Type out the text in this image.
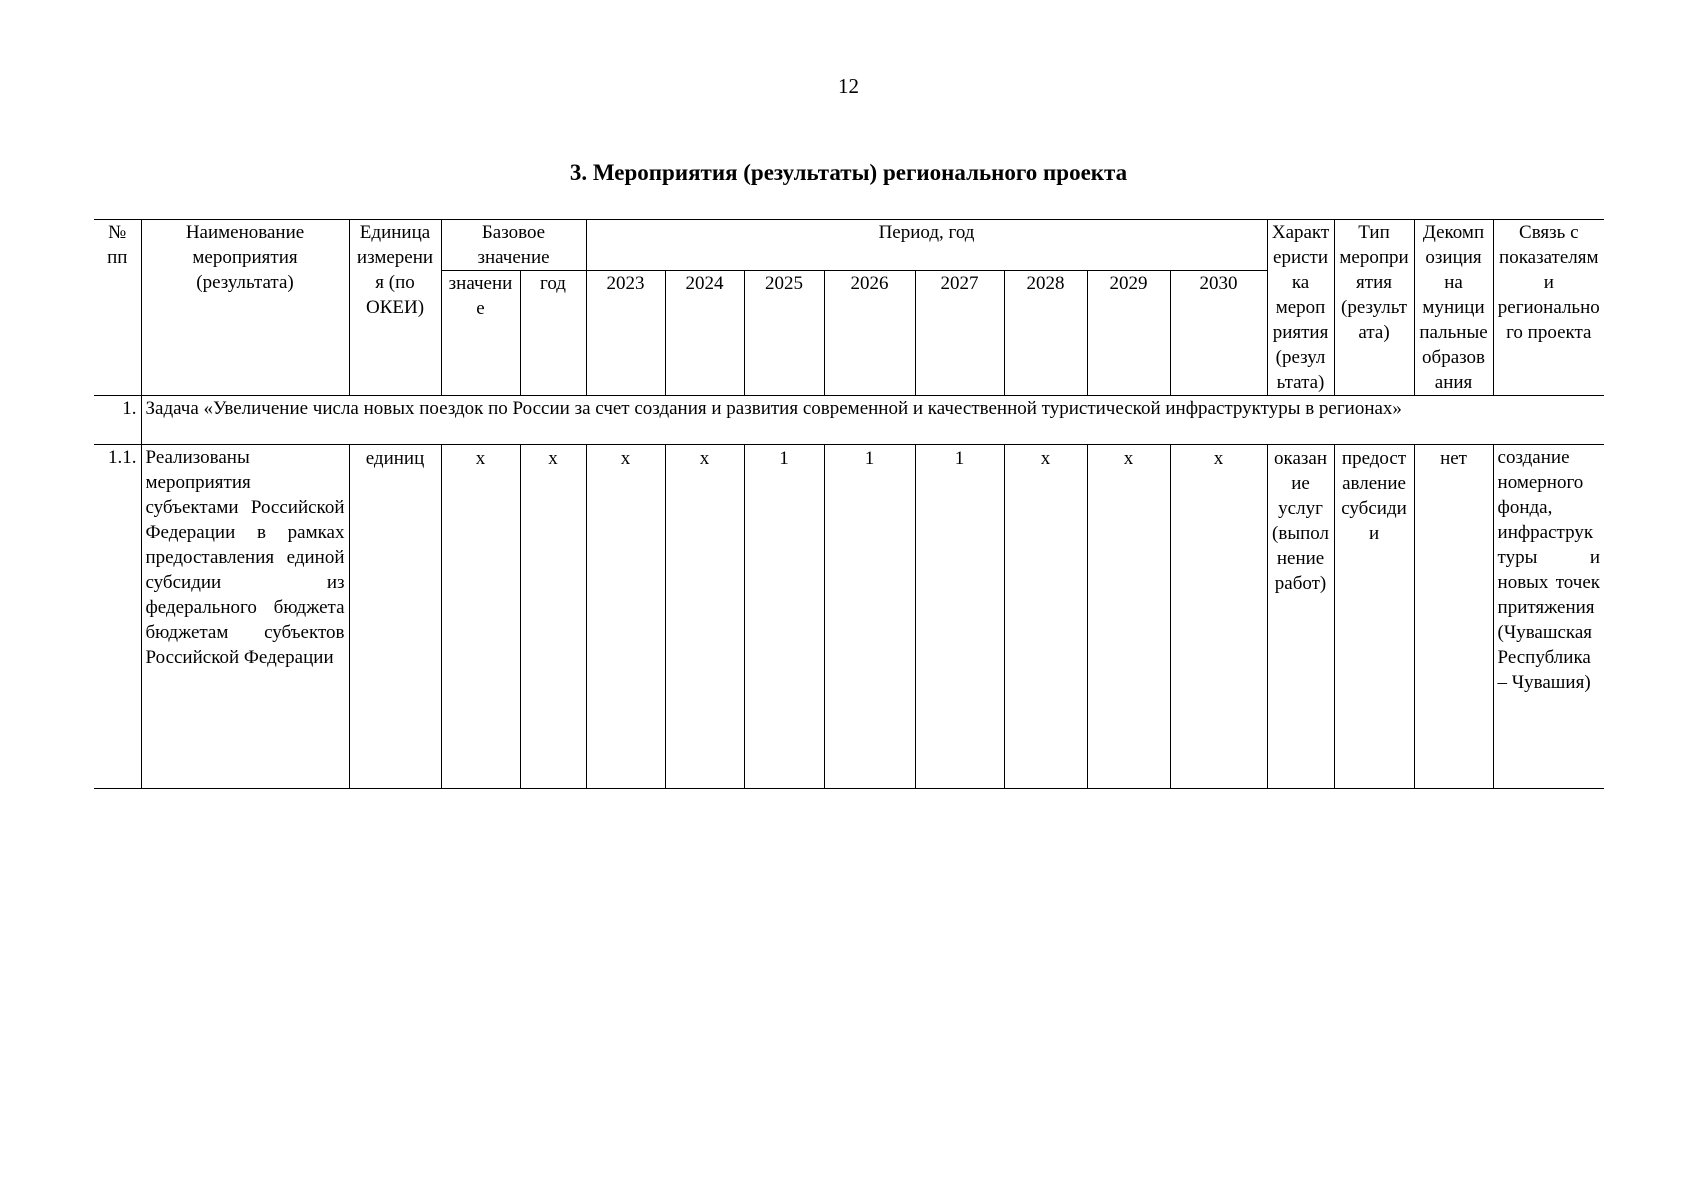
12
3. Мероприятия (результаты) регионального проекта
№ пп	Наименование мероприятия (результата)	Единица измерения (по ОКЕИ)	Базовое значение		Период, год								Характеристика мероприятия (результата)	Тип мероприятия (результата)	Декомпозиция на муниципальные образования	Связь с показателями регионального проекта
			значение	год	2023	2024	2025	2026	2027	2028	2029	2030				

1.	Задача «Увеличение числа новых поездок по России за счет создания и развития современной и качественной туристической инфраструктуры в регионах»															
1.1.	Реализованы мероприятия субъектами Российской Федерации в рамках предоставления единой субсидии из федерального бюджета бюджетам субъектов Российской Федерации	единиц	х	х	х	х	1	1	1	х	х	х	оказание услуг (выполнение работ)	предоставление субсидии	нет	создание номерного фонда, инфраструктуры и новых точек притяжения (Чувашская Республика – Чувашия)
